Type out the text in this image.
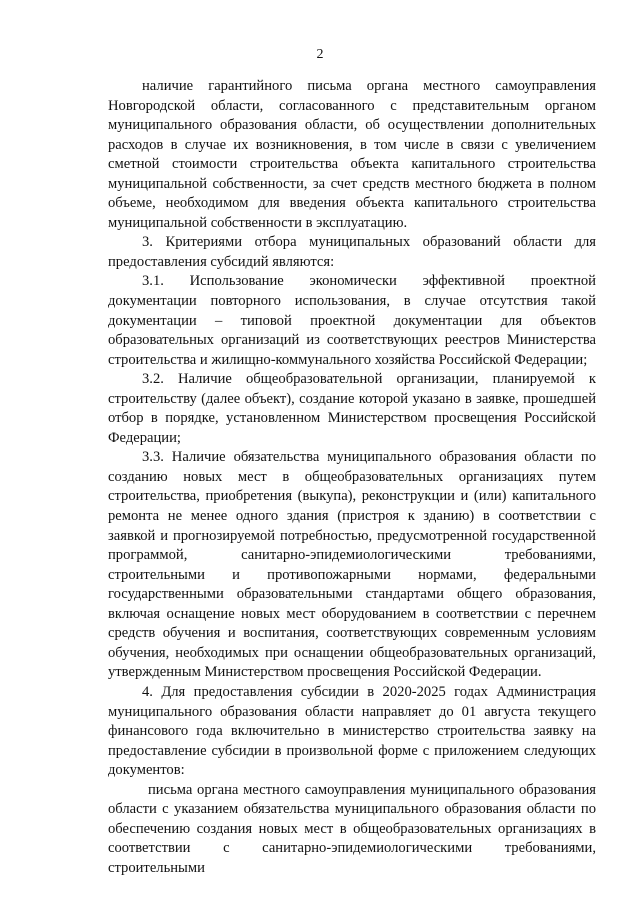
2

наличие гарантийного письма органа местного самоуправления Новгородской области, согласованного с представительным органом муниципального образования области, об осуществлении дополнительных расходов в случае их возникновения, в том числе в связи с увеличением сметной стоимости строительства объекта капитального строительства муниципальной собственности, за счет средств местного бюджета в полном объеме, необходимом для введения объекта капитального строительства муниципальной собственности в эксплуатацию.

3. Критериями отбора муниципальных образований области для предоставления субсидий являются:

3.1. Использование экономически эффективной проектной документации повторного использования, в случае отсутствия такой документации – типовой проектной документации для объектов образовательных организаций из соответствующих реестров Министерства строительства и жилищно-коммунального хозяйства Российской Федерации;

3.2. Наличие общеобразовательной организации, планируемой к строительству (далее объект), создание которой указано в заявке, прошедшей отбор в порядке, установленном Министерством просвещения Российской Федерации;

3.3. Наличие обязательства муниципального образования области по созданию новых мест в общеобразовательных организациях путем строительства, приобретения (выкупа), реконструкции и (или) капитального ремонта не менее одного здания (пристроя к зданию) в соответствии с заявкой и прогнозируемой потребностью, предусмотренной государственной программой, санитарно-эпидемиологическими требованиями, строительными и противопожарными нормами, федеральными государственными образовательными стандартами общего образования, включая оснащение новых мест оборудованием в соответствии с перечнем средств обучения и воспитания, соответствующих современным условиям обучения, необходимых при оснащении общеобразовательных организаций, утвержденным Министерством просвещения Российской Федерации.

4. Для предоставления субсидии в 2020-2025 годах Администрация муниципального образования области направляет до 01 августа текущего финансового года включительно в министерство строительства заявку на предоставление субсидии в произвольной форме с приложением следующих документов:

письма органа местного самоуправления муниципального образования области с указанием обязательства муниципального образования области по обеспечению создания новых мест в общеобразовательных организациях в соответствии с санитарно-эпидемиологическими требованиями, строительными
